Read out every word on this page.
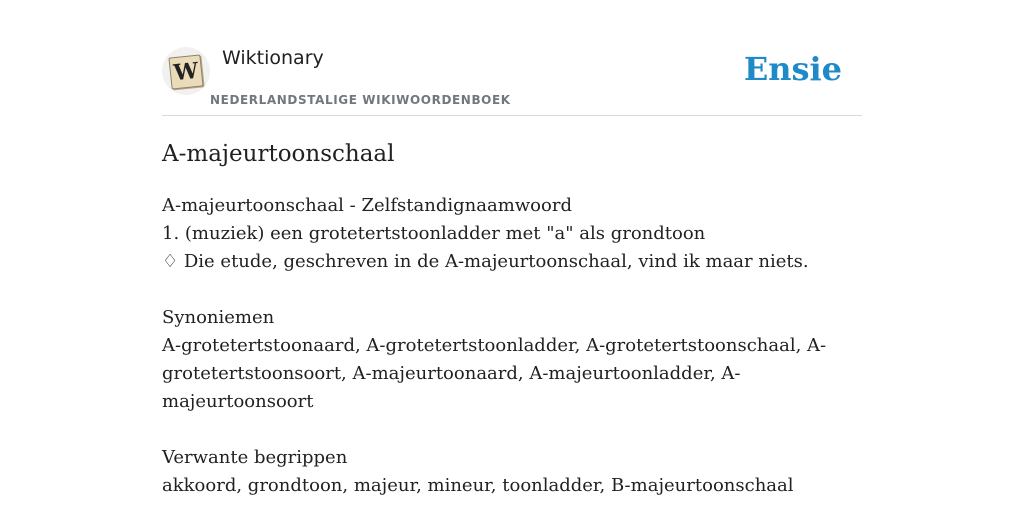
W Wiktionary
NEDERLANDSTALIGE WIKIWOORDENBOEK
Ensie
A-majeurtoonschaal

A-majeurtoonschaal - Zelfstandignaamwoord

1. (muziek) een grotetertstoonladder met "a" als grondtoon

♢ Die etude, geschreven in de A-majeurtoonschaal, vind ik maar niets.

Synoniemen

A-grotetertstoonaard, A-grotetertstoonladder, A-grotetertstoonschaal, A-grotetertstoonsoort, A-majeurtoonaard, A-majeurtoonladder, A-majeurtoonsoort

Verwante begrippen

akkoord, grondtoon, majeur, mineur, toonladder, B-majeurtoonschaal
